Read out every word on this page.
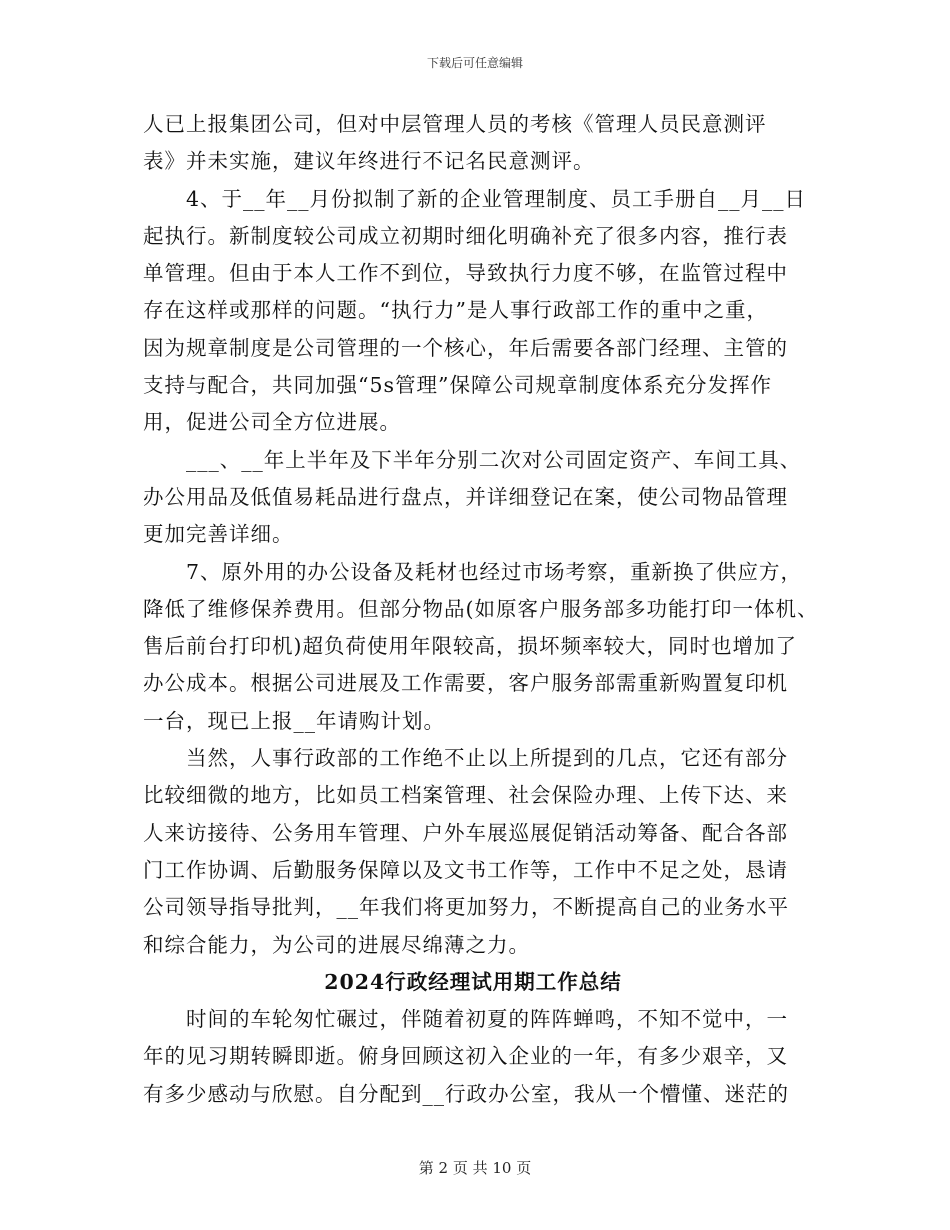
下载后可任意编辑
人已上报集团公司，但对中层管理人员的考核《管理人员民意测评
表》并未实施，建议年终进行不记名民意测评。
4、于__年__月份拟制了新的企业管理制度、员工手册自__月__日
起执行。新制度较公司成立初期时细化明确补充了很多内容，推行表
单管理。但由于本人工作不到位，导致执行力度不够，在监管过程中
存在这样或那样的问题。“执行力”是人事行政部工作的重中之重，
因为规章制度是公司管理的一个核心，年后需要各部门经理、主管的
支持与配合，共同加强“5s管理”保障公司规章制度体系充分发挥作
用，促进公司全方位进展。
___、__年上半年及下半年分别二次对公司固定资产、车间工具、
办公用品及低值易耗品进行盘点，并详细登记在案，使公司物品管理
更加完善详细。
7、原外用的办公设备及耗材也经过市场考察，重新换了供应方，
降低了维修保养费用。但部分物品(如原客户服务部多功能打印一体机、
售后前台打印机)超负荷使用年限较高，损坏频率较大，同时也增加了
办公成本。根据公司进展及工作需要，客户服务部需重新购置复印机
一台，现已上报__年请购计划。
当然，人事行政部的工作绝不止以上所提到的几点，它还有部分
比较细微的地方，比如员工档案管理、社会保险办理、上传下达、来
人来访接待、公务用车管理、户外车展巡展促销活动筹备、配合各部
门工作协调、后勤服务保障以及文书工作等，工作中不足之处，恳请
公司领导指导批判，__年我们将更加努力，不断提高自己的业务水平
和综合能力，为公司的进展尽绵薄之力。
2024行政经理试用期工作总结
时间的车轮匆忙碾过，伴随着初夏的阵阵蝉鸣，不知不觉中，一
年的见习期转瞬即逝。俯身回顾这初入企业的一年，有多少艰辛，又
有多少感动与欣慰。自分配到__行政办公室，我从一个懵懂、迷茫的
第 2 页 共 10 页
